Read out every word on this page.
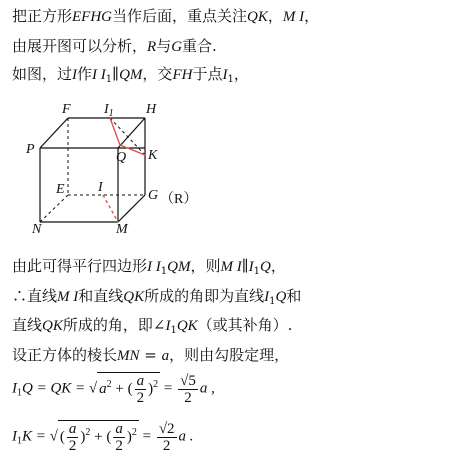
把正方形EFHG当作后面，重点关注QK，M I，
由展开图可以分析，R与G重合.
如图，过I作I $I_1\parallel QM$，交FH于点$I_1$，
F $I_1$ H
P
Q K
E I
G （R）
N	M
由此可得平行四边形I $I_1QM$，则M $I\parallel I_1Q$，
∴直线M I和直线QK所成的角即为直线$I_1Q$和
直线QK所成的角，即$\angle I_1QK$（或其补角）.
设正方体的棱长MN = a，则由勾股定理，
$I_1Q$ = QK = √ $a^2$ + ( $\frac{a}{2} )^2 = \frac{√5}{2}$ a ,
$I_1K$ = √ ( $\frac{a}{2} )^2$ + ( $\frac{a}{2} )^2 = \frac{√2}{2}$ a .
